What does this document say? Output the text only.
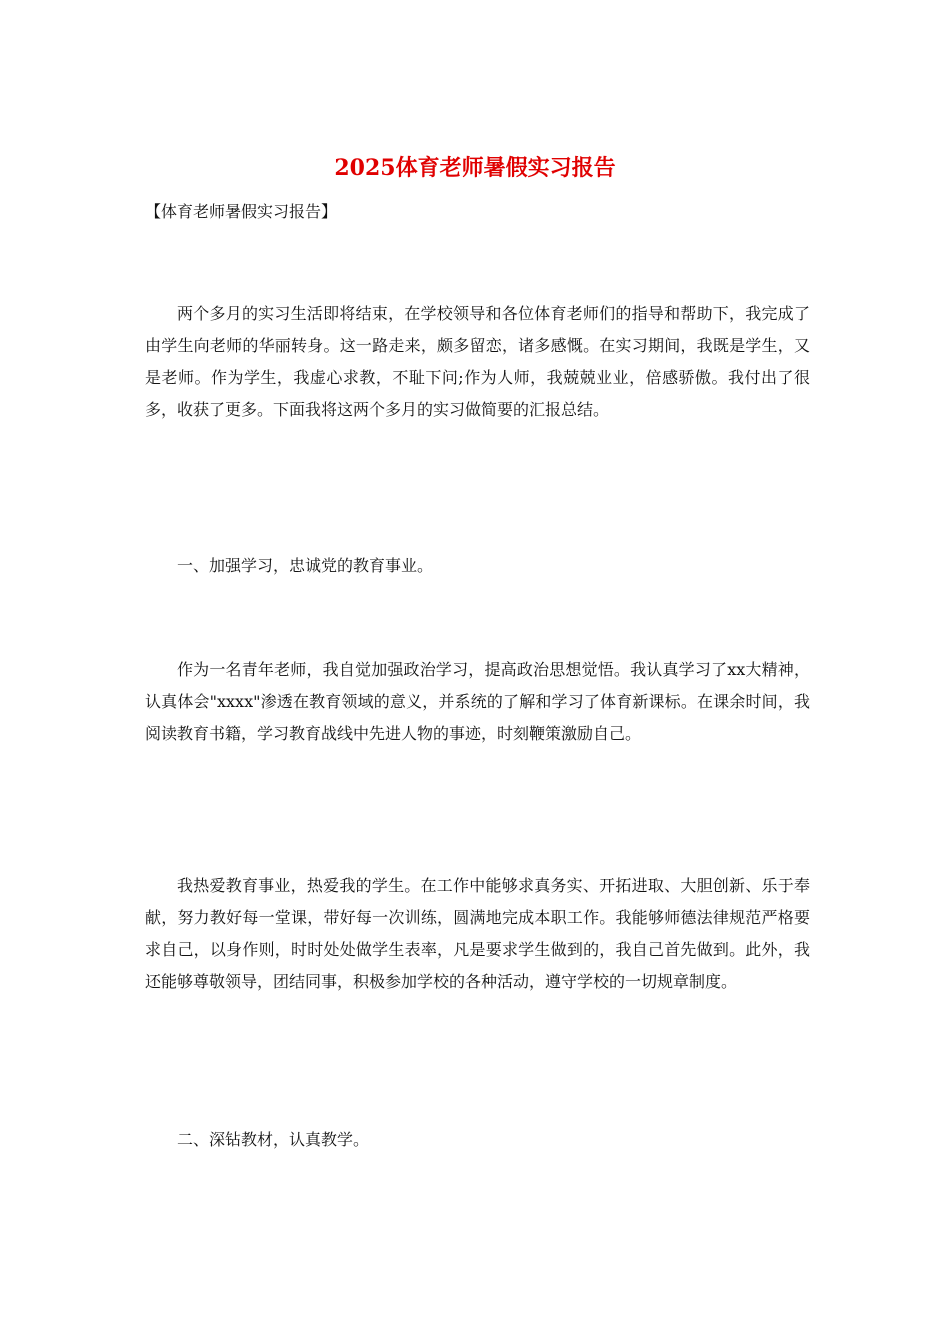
2025体育老师暑假实习报告
【体育老师暑假实习报告】

两个多月的实习生活即将结束，在学校领导和各位体育老师们的指导和帮助下，我完成了由学生向老师的华丽转身。这一路走来，颇多留恋，诸多感慨。在实习期间，我既是学生，又是老师。作为学生，我虚心求教，不耻下问;作为人师，我兢兢业业，倍感骄傲。我付出了很多，收获了更多。下面我将这两个多月的实习做简要的汇报总结。

一、加强学习，忠诚党的教育事业。

作为一名青年老师，我自觉加强政治学习，提高政治思想觉悟。我认真学习了xx大精神，认真体会"xxxx"渗透在教育领域的意义，并系统的了解和学习了体育新课标。在课余时间，我阅读教育书籍，学习教育战线中先进人物的事迹，时刻鞭策激励自己。

我热爱教育事业，热爱我的学生。在工作中能够求真务实、开拓进取、大胆创新、乐于奉献，努力教好每一堂课，带好每一次训练，圆满地完成本职工作。我能够师德法律规范严格要求自己，以身作则，时时处处做学生表率，凡是要求学生做到的，我自己首先做到。此外，我还能够尊敬领导，团结同事，积极参加学校的各种活动，遵守学校的一切规章制度。

二、深钻教材，认真教学。
